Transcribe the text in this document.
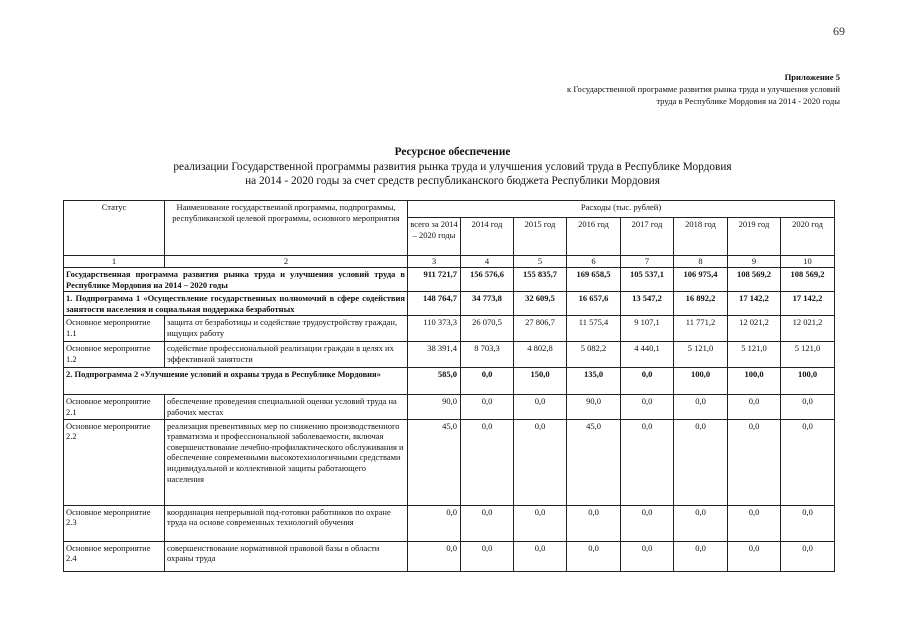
69
Приложение 5
к Государственной программе развития рынка труда и улучшения условий
труда в Республике Мордовия на 2014 - 2020 годы
Ресурсное обеспечение
реализации Государственной программы развития рынка труда и улучшения условий труда в Республике Мордовия
на 2014 - 2020 годы за счет средств республиканского бюджета Республики Мордовия
Статус	Наименование государственной программы, подпрограммы, республиканской целевой программы, основного мероприятия	Расходы (тыс. рублей)							
		всего за 2014 – 2020 годы	2014 год	2015 год	2016 год	2017 год	2018 год	2019 год	2020 год
1	2	3	4	5	6	7	8	9	10
Государственная программа развития рынка труда и улучшения условий труда в Республике Мордовия на 2014 – 2020 годы		911 721,7	156 576,6	155 835,7	169 658,5	105 537,1	106 975,4	108 569,2	108 569,2
1. Подпрограмма 1 «Осуществление государственных полномочий в сфере содействия занятости населения и социальная поддержка безработных		148 764,7	34 773,8	32 609,5	16 657,6	13 547,2	16 892,2	17 142,2	17 142,2
Основное мероприятие 1.1	защита от безработицы и содействие трудоустройству граждан, ищущих работу	110 373,3	26 070,5	27 806,7	11 575,4	9 107,1	11 771,2	12 021,2	12 021,2
Основное мероприятие 1.2	содействие профессиональной реализации граждан в целях их эффективной занятости	38 391,4	8 703,3	4 802,8	5 082,2	4 440,1	5 121,0	5 121,0	5 121,0
2. Подпрограмма 2 «Улучшение условий и охраны труда в Республике Мордовия»		585,0	0,0	150,0	135,0	0,0	100,0	100,0	100,0
Основное мероприятие 2.1	обеспечение проведения специальной оценки условий труда на рабочих местах	90,0	0,0	0,0	90,0	0,0	0,0	0,0	0,0
Основное мероприятие 2.2	реализация превентивных мер по снижению производственного травматизма и профессиональной заболеваемости, включая совершенствование лечебно-профилактического обслуживания и обеспечение современными высокотехнологичными средствами индивидуальной и коллективной защиты работающего населения	45,0	0,0	0,0	45,0	0,0	0,0	0,0	0,0
Основное мероприятие 2.3	координация непрерывной под-готовки работников по охране труда на основе современных технологий обучения	0,0	0,0	0,0	0,0	0,0	0,0	0,0	0,0
Основное мероприятие 2.4	совершенствование нормативной правовой базы в области охраны труда	0,0	0,0	0,0	0,0	0,0	0,0	0,0	0,0
